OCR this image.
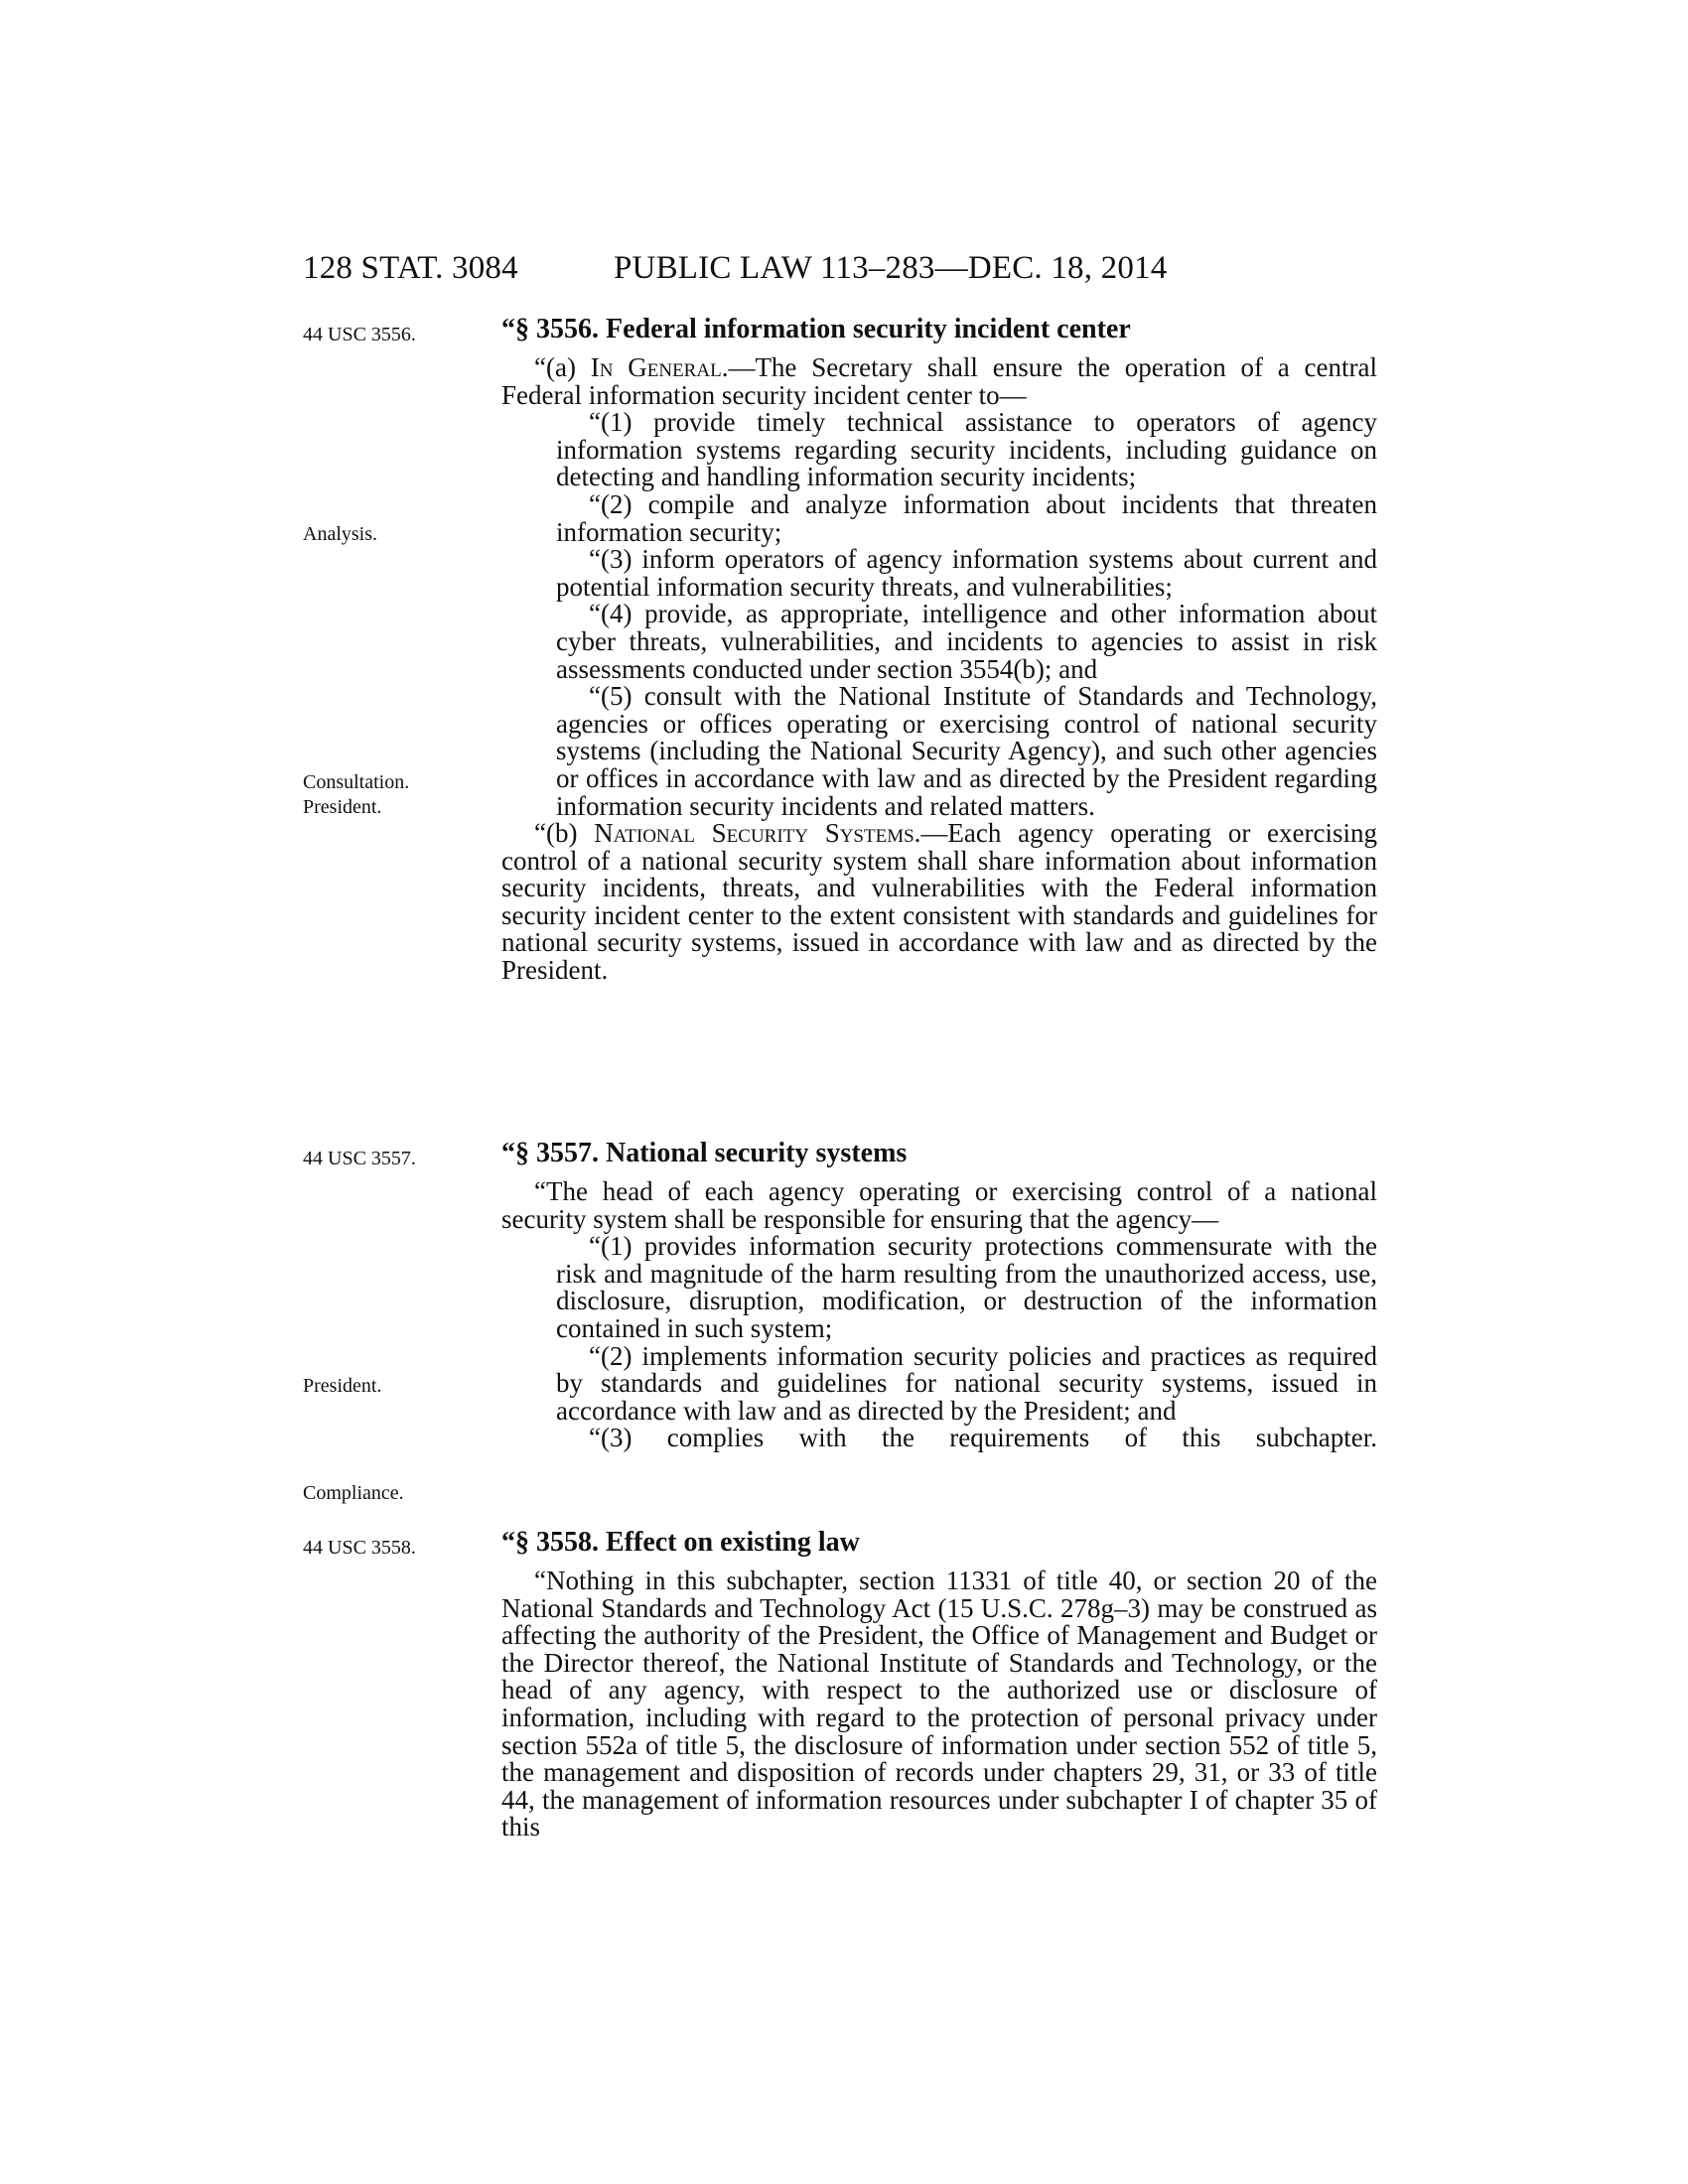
128 STAT. 3084	PUBLIC LAW 113–283—DEC. 18, 2014
44 USC 3556.
Analysis.
Consultation.
President.
44 USC 3557.
President.
Compliance.
44 USC 3558.
“§ 3556. Federal information security incident center

“(a) In General.—The Secretary shall ensure the operation of a central Federal information security incident center to—

“(1) provide timely technical assistance to operators of agency information systems regarding security incidents, including guidance on detecting and handling information security incidents;

“(2) compile and analyze information about incidents that threaten information security;

“(3) inform operators of agency information systems about current and potential information security threats, and vulnerabilities;

“(4) provide, as appropriate, intelligence and other information about cyber threats, vulnerabilities, and incidents to agencies to assist in risk assessments conducted under section 3554(b); and

“(5) consult with the National Institute of Standards and Technology, agencies or offices operating or exercising control of national security systems (including the National Security Agency), and such other agencies or offices in accordance with law and as directed by the President regarding information security incidents and related matters.

“(b) National Security Systems.—Each agency operating or exercising control of a national security system shall share information about information security incidents, threats, and vulnerabilities with the Federal information security incident center to the extent consistent with standards and guidelines for national security systems, issued in accordance with law and as directed by the President.

“§ 3557. National security systems

“The head of each agency operating or exercising control of a national security system shall be responsible for ensuring that the agency—

“(1) provides information security protections commensurate with the risk and magnitude of the harm resulting from the unauthorized access, use, disclosure, disruption, modification, or destruction of the information contained in such system;

“(2) implements information security policies and practices as required by standards and guidelines for national security systems, issued in accordance with law and as directed by the President; and

“(3) complies with the requirements of this subchapter.

“§ 3558. Effect on existing law

“Nothing in this subchapter, section 11331 of title 40, or section 20 of the National Standards and Technology Act (15 U.S.C. 278g–3) may be construed as affecting the authority of the President, the Office of Management and Budget or the Director thereof, the National Institute of Standards and Technology, or the head of any agency, with respect to the authorized use or disclosure of information, including with regard to the protection of personal privacy under section 552a of title 5, the disclosure of information under section 552 of title 5, the management and disposition of records under chapters 29, 31, or 33 of title 44, the management of information resources under subchapter I of chapter 35 of this
